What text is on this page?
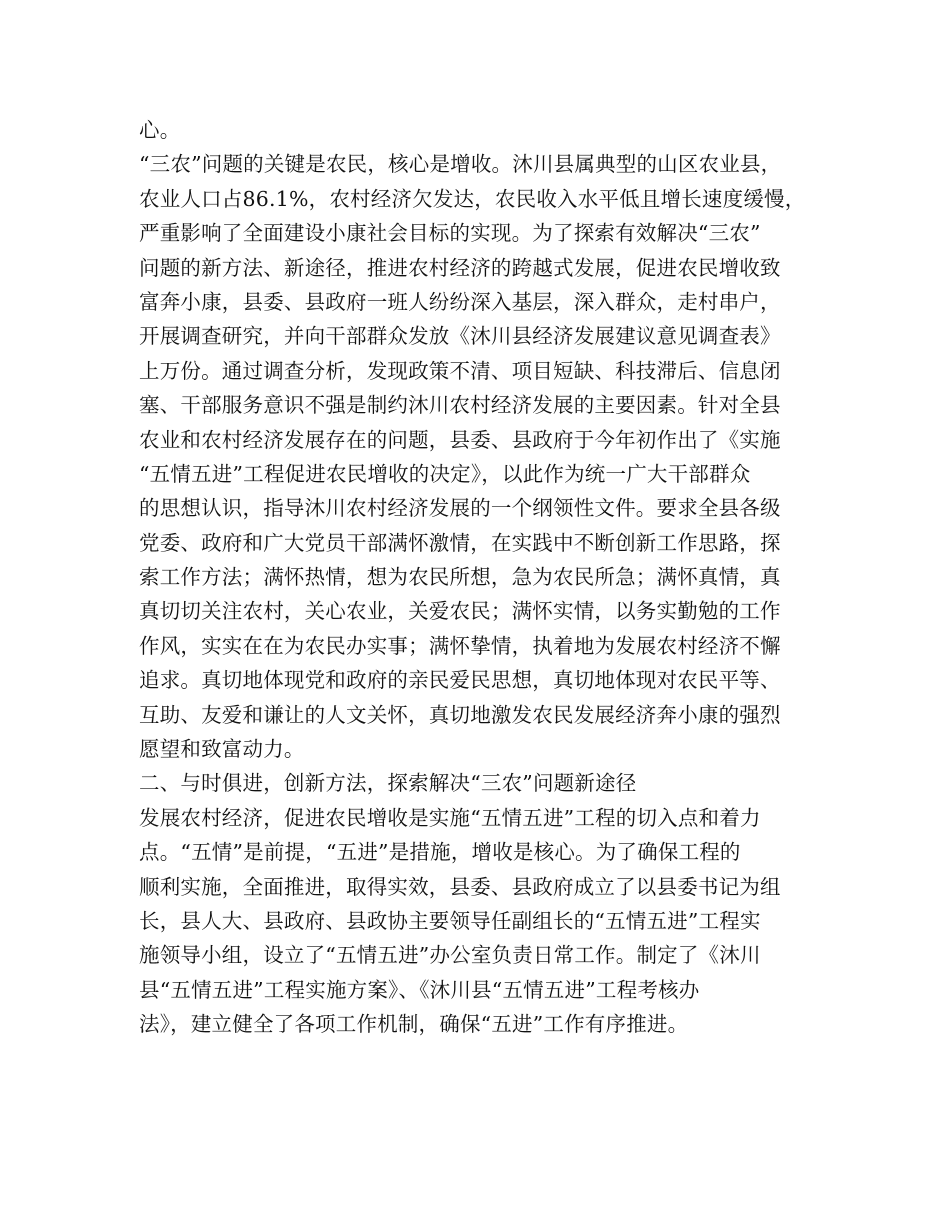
心。
“三农”问题的关键是农民，核心是增收。沐川县属典型的山区农业县，
农业人口占86.1%，农村经济欠发达，农民收入水平低且增长速度缓慢，
严重影响了全面建设小康社会目标的实现。为了探索有效解决“三农”
问题的新方法、新途径，推进农村经济的跨越式发展，促进农民增收致
富奔小康，县委、县政府一班人纷纷深入基层，深入群众，走村串户，
开展调查研究，并向干部群众发放《沐川县经济发展建议意见调查表》
上万份。通过调查分析，发现政策不清、项目短缺、科技滞后、信息闭
塞、干部服务意识不强是制约沐川农村经济发展的主要因素。针对全县
农业和农村经济发展存在的问题，县委、县政府于今年初作出了《实施
“五情五进”工程促进农民增收的决定》，以此作为统一广大干部群众
的思想认识，指导沐川农村经济发展的一个纲领性文件。要求全县各级
党委、政府和广大党员干部满怀激情，在实践中不断创新工作思路，探
索工作方法；满怀热情，想为农民所想，急为农民所急；满怀真情，真
真切切关注农村，关心农业，关爱农民；满怀实情，以务实勤勉的工作
作风，实实在在为农民办实事；满怀挚情，执着地为发展农村经济不懈
追求。真切地体现党和政府的亲民爱民思想，真切地体现对农民平等、
互助、友爱和谦让的人文关怀，真切地激发农民发展经济奔小康的强烈
愿望和致富动力。
二、与时俱进，创新方法，探索解决“三农”问题新途径
发展农村经济，促进农民增收是实施“五情五进”工程的切入点和着力
点。“五情”是前提，“五进”是措施，增收是核心。为了确保工程的
顺利实施，全面推进，取得实效，县委、县政府成立了以县委书记为组
长，县人大、县政府、县政协主要领导任副组长的“五情五进”工程实
施领导小组，设立了“五情五进”办公室负责日常工作。制定了《沐川
县“五情五进”工程实施方案》、《沐川县“五情五进”工程考核办
法》，建立健全了各项工作机制，确保“五进”工作有序推进。
